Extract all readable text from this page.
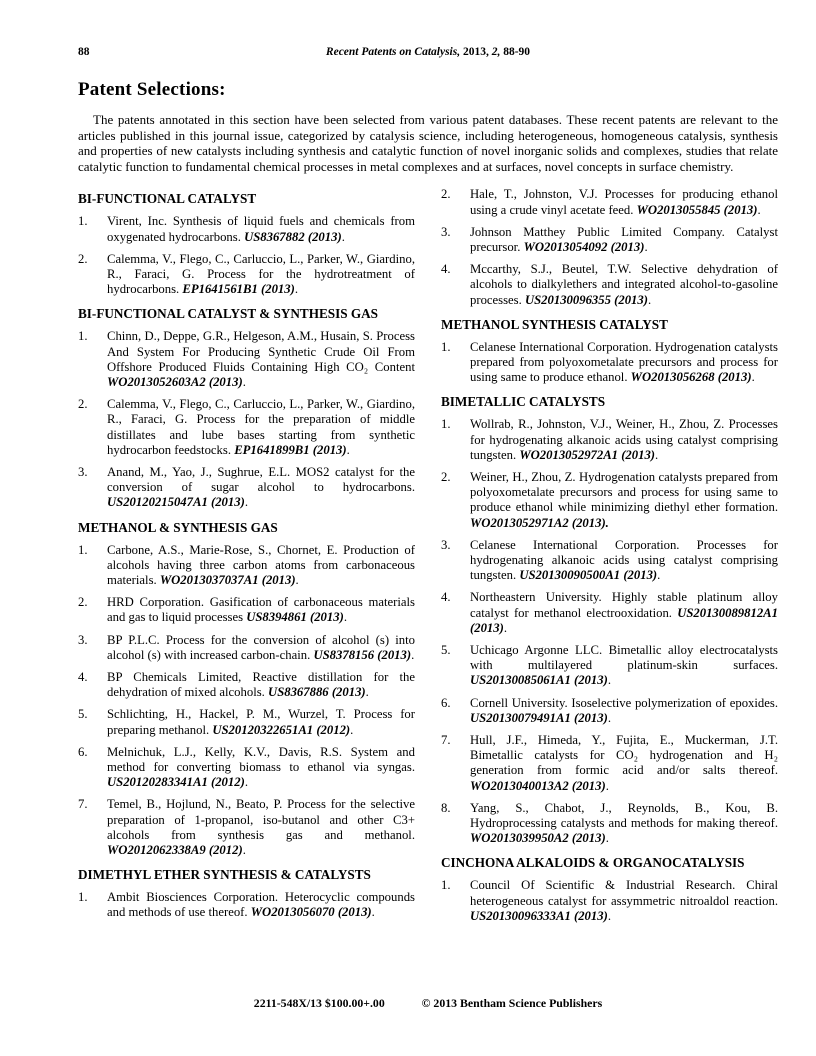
88	Recent Patents on Catalysis, 2013, 2, 88-90
Patent Selections:

The patents annotated in this section have been selected from various patent databases. These recent patents are relevant to the articles published in this journal issue, categorized by catalysis science, including heterogeneous, homogeneous catalysis, synthesis and properties of new catalysts including synthesis and catalytic function of novel inorganic solids and complexes, studies that relate catalytic function to fundamental chemical processes in metal complexes and at surfaces, novel concepts in surface chemistry.

BI-FUNCTIONAL CATALYST
1.	Virent, Inc. Synthesis of liquid fuels and chemicals from oxygenated hydrocarbons. US8367882 (2013).
2.	Calemma, V., Flego, C., Carluccio, L., Parker, W., Giardino, R., Faraci, G. Process for the hydrotreatment of hydrocarbons. EP1641561B1 (2013).
BI-FUNCTIONAL CATALYST & SYNTHESIS GAS
1.	Chinn, D., Deppe, G.R., Helgeson, A.M., Husain, S. Process And System For Producing Synthetic Crude Oil From Offshore Produced Fluids Containing High CO₂ Content WO2013052603A2 (2013).
2.	Calemma, V., Flego, C., Carluccio, L., Parker, W., Giardino, R., Faraci, G. Process for the preparation of middle distillates and lube bases starting from synthetic hydrocarbon feedstocks. EP1641899B1 (2013).
3.	Anand, M., Yao, J., Sughrue, E.L. MOS2 catalyst for the conversion of sugar alcohol to hydrocarbons. US20120215047A1 (2013).
METHANOL & SYNTHESIS GAS
1.	Carbone, A.S., Marie-Rose, S., Chornet, E. Production of alcohols having three carbon atoms from carbonaceous materials. WO2013037037A1 (2013).
2.	HRD Corporation. Gasification of carbonaceous materials and gas to liquid processes US8394861 (2013).
3.	BP P.L.C. Process for the conversion of alcohol (s) into alcohol (s) with increased carbon-chain. US8378156 (2013).
4.	BP Chemicals Limited, Reactive distillation for the dehydration of mixed alcohols. US8367886 (2013).
5.	Schlichting, H., Hackel, P. M., Wurzel, T. Process for preparing methanol. US20120322651A1 (2012).
6.	Melnichuk, L.J., Kelly, K.V., Davis, R.S. System and method for converting biomass to ethanol via syngas. US20120283341A1 (2012).
7.	Temel, B., Hojlund, N., Beato, P. Process for the selective preparation of 1-propanol, iso-butanol and other C3+ alcohols from synthesis gas and methanol. WO2012062338A9 (2012).
DIMETHYL ETHER SYNTHESIS & CATALYSTS
1.	Ambit Biosciences Corporation. Heterocyclic compounds and methods of use thereof. WO2013056070 (2013).
2.	Hale, T., Johnston, V.J. Processes for producing ethanol using a crude vinyl acetate feed. WO2013055845 (2013).
3.	Johnson Matthey Public Limited Company. Catalyst precursor. WO2013054092 (2013).
4.	Mccarthy, S.J., Beutel, T.W. Selective dehydration of alcohols to dialkylethers and integrated alcohol-to-gasoline processes. US20130096355 (2013).
METHANOL SYNTHESIS CATALYST
1.	Celanese International Corporation. Hydrogenation catalysts prepared from polyoxometalate precursors and process for using same to produce ethanol. WO2013056268 (2013).
BIMETALLIC CATALYSTS
1.	Wollrab, R., Johnston, V.J., Weiner, H., Zhou, Z. Processes for hydrogenating alkanoic acids using catalyst comprising tungsten. WO2013052972A1 (2013).
2.	Weiner, H., Zhou, Z. Hydrogenation catalysts prepared from polyoxometalate precursors and process for using same to produce ethanol while minimizing diethyl ether formation. WO2013052971A2 (2013).
3.	Celanese International Corporation. Processes for hydrogenating alkanoic acids using catalyst comprising tungsten. US20130090500A1 (2013).
4.	Northeastern University. Highly stable platinum alloy catalyst for methanol electrooxidation. US20130089812A1 (2013).
5.	Uchicago Argonne LLC. Bimetallic alloy electrocatalysts with multilayered platinum-skin surfaces. US20130085061A1 (2013).
6.	Cornell University. Isoselective polymerization of epoxides. US20130079491A1 (2013).
7.	Hull, J.F., Himeda, Y., Fujita, E., Muckerman, J.T. Bimetallic catalysts for CO₂ hydrogenation and H₂ generation from formic acid and/or salts thereof. WO2013040013A2 (2013).
8.	Yang, S., Chabot, J., Reynolds, B., Kou, B. Hydroprocessing catalysts and methods for making thereof. WO2013039950A2 (2013).
CINCHONA ALKALOIDS & ORGANOCATALYSIS
1.	Council Of Scientific & Industrial Research. Chiral heterogeneous catalyst for assymmetric nitroaldol reaction. US20130096333A1 (2013).
2211-548X/13 $100.00+.00	© 2013 Bentham Science Publishers
